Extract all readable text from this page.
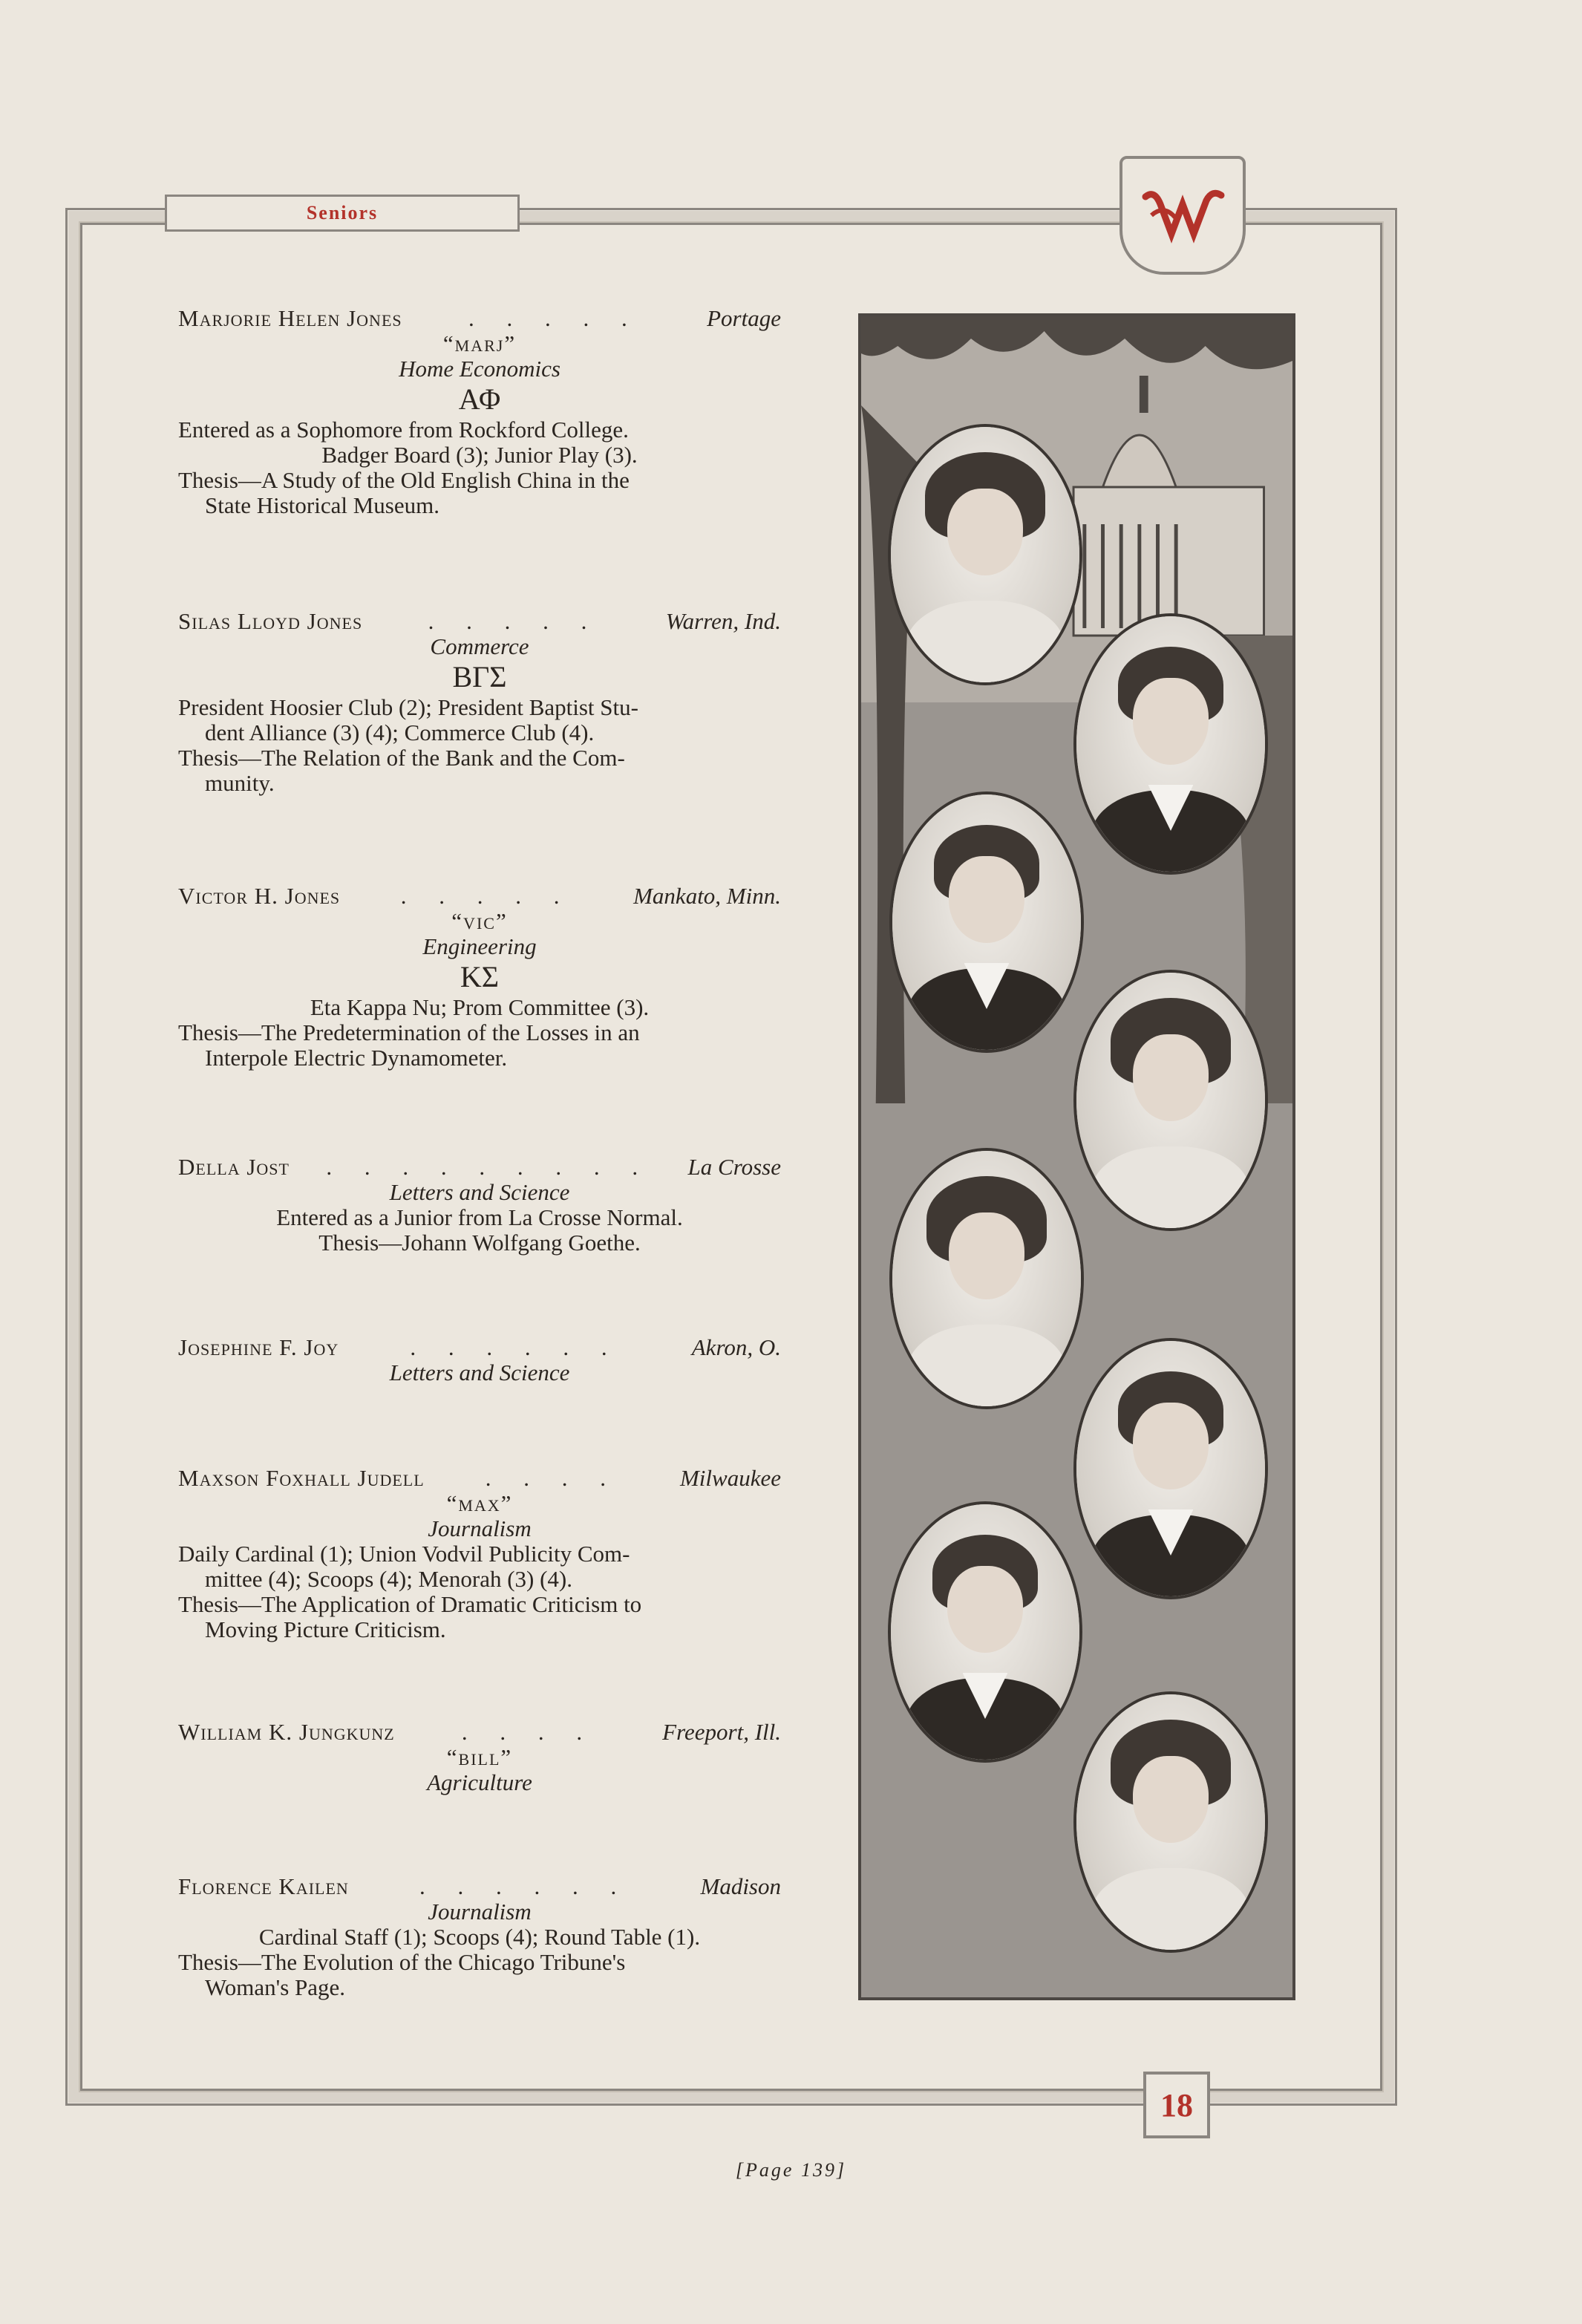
Seniors
Marjorie Helen Jones	. . . . .	Portage
“marj”
Home Economics
ΑΦ
Entered as a Sophomore from Rockford College.
Badger Board (3); Junior Play (3).
Thesis—A Study of the Old English China in the
State Historical Museum.
Silas Lloyd Jones	. . . . .	Warren, Ind.
Commerce
ΒΓΣ
President Hoosier Club (2); President Baptist Stu-
dent Alliance (3) (4); Commerce Club (4).
Thesis—The Relation of the Bank and the Com-
munity.
Victor H. Jones	. . . . .	Mankato, Minn.
“vic”
Engineering
ΚΣ
Eta Kappa Nu; Prom Committee (3).
Thesis—The Predetermination of the Losses in an
Interpole Electric Dynamometer.
Della Jost	. . . . . . . . .	La Crosse
Letters and Science
Entered as a Junior from La Crosse Normal.
Thesis—Johann Wolfgang Goethe.
Josephine F. Joy	. . . . . .	Akron, O.
Letters and Science
Maxson Foxhall Judell	. . . .	Milwaukee
“max”
Journalism
Daily Cardinal (1); Union Vodvil Publicity Com-
mittee (4); Scoops (4); Menorah (3) (4).
Thesis—The Application of Dramatic Criticism to
Moving Picture Criticism.
William K. Jungkunz	. . . .	Freeport, Ill.
“bill”
Agriculture
Florence Kailen	. . . . . .	Madison
Journalism
Cardinal Staff (1); Scoops (4); Round Table (1).
Thesis—The Evolution of the Chicago Tribune's
Woman's Page.
18
[Page 139]
